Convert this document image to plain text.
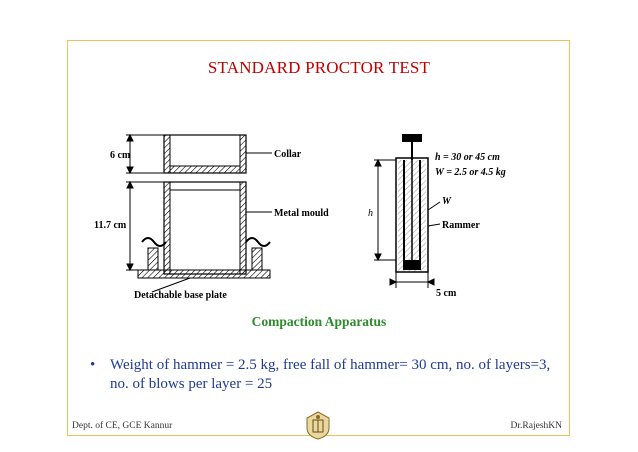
STANDARD PROCTOR TEST
6 cm
11.7 cm
Collar
Metal mould
Detachable base plate
h = 30 or 45 cm
W = 2.5 or 4.5 kg
h
W
Rammer
5 cm
Compaction Apparatus
• Weight of hammer = 2.5 kg, free fall of hammer= 30 cm, no. of layers=3, no. of blows per layer = 25
Dept. of CE, GCE Kannur	Dr.RajeshKN
